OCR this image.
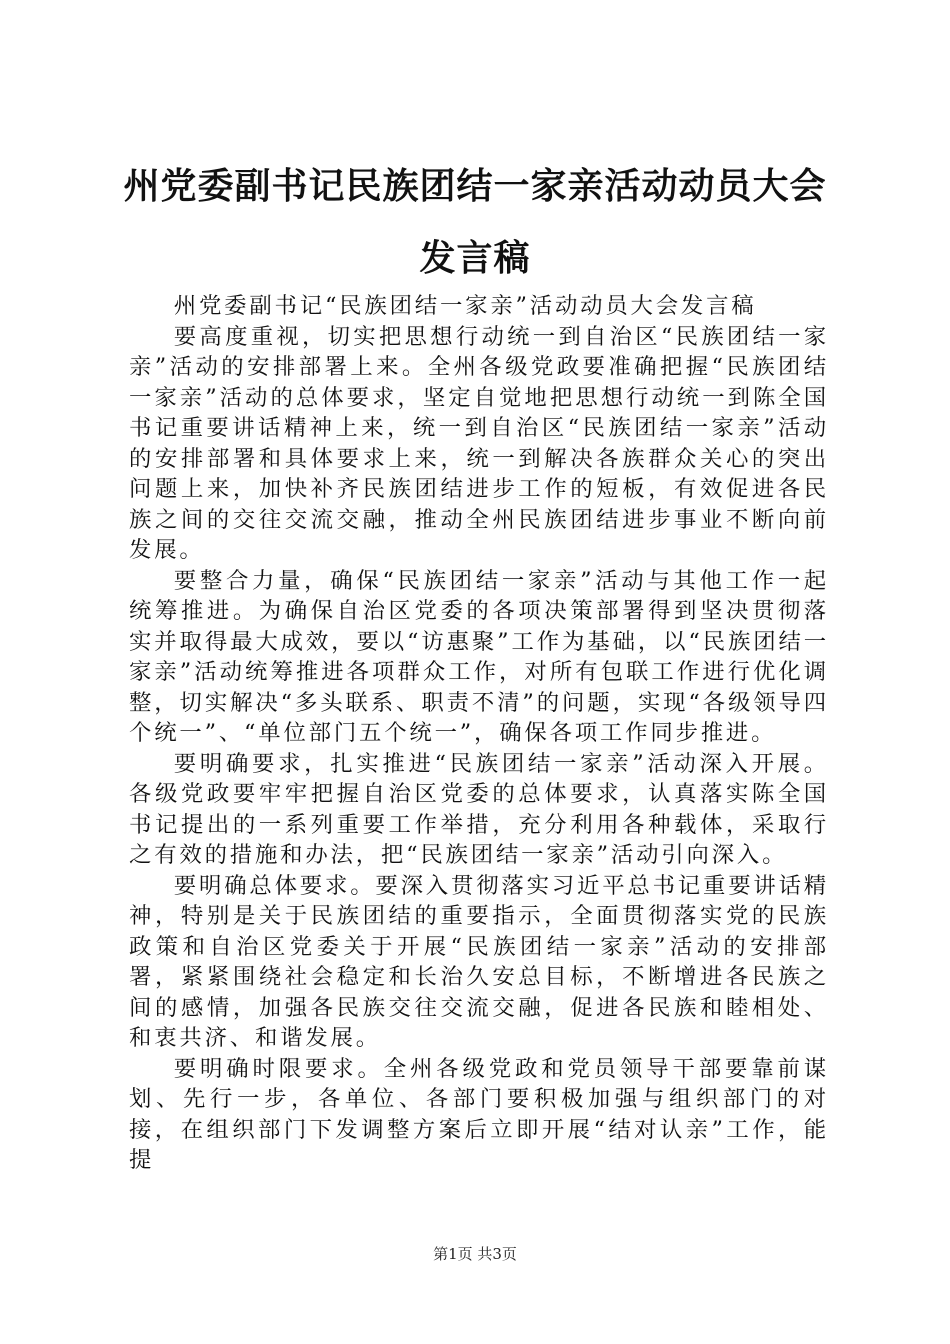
州党委副书记民族团结一家亲活动动员大会发言稿

州党委副书记“民族团结一家亲”活动动员大会发言稿

要高度重视，切实把思想行动统一到自治区“民族团结一家亲”活动的安排部署上来。全州各级党政要准确把握“民族团结一家亲”活动的总体要求，坚定自觉地把思想行动统一到陈全国书记重要讲话精神上来，统一到自治区“民族团结一家亲”活动的安排部署和具体要求上来，统一到解决各族群众关心的突出问题上来，加快补齐民族团结进步工作的短板，有效促进各民族之间的交往交流交融，推动全州民族团结进步事业不断向前发展。

要整合力量，确保“民族团结一家亲”活动与其他工作一起统筹推进。为确保自治区党委的各项决策部署得到坚决贯彻落实并取得最大成效，要以“访惠聚”工作为基础，以“民族团结一家亲”活动统筹推进各项群众工作，对所有包联工作进行优化调整，切实解决“多头联系、职责不清”的问题，实现“各级领导四个统一”、“单位部门五个统一”，确保各项工作同步推进。

要明确要求，扎实推进“民族团结一家亲”活动深入开展。各级党政要牢牢把握自治区党委的总体要求，认真落实陈全国书记提出的一系列重要工作举措，充分利用各种载体，采取行之有效的措施和办法，把“民族团结一家亲”活动引向深入。

要明确总体要求。要深入贯彻落实习近平总书记重要讲话精神，特别是关于民族团结的重要指示，全面贯彻落实党的民族政策和自治区党委关于开展“民族团结一家亲”活动的安排部署，紧紧围绕社会稳定和长治久安总目标，不断增进各民族之间的感情，加强各民族交往交流交融，促进各民族和睦相处、和衷共济、和谐发展。

要明确时限要求。全州各级党政和党员领导干部要靠前谋划、先行一步，各单位、各部门要积极加强与组织部门的对接，在组织部门下发调整方案后立即开展“结对认亲”工作，能提

第1页 共3页
